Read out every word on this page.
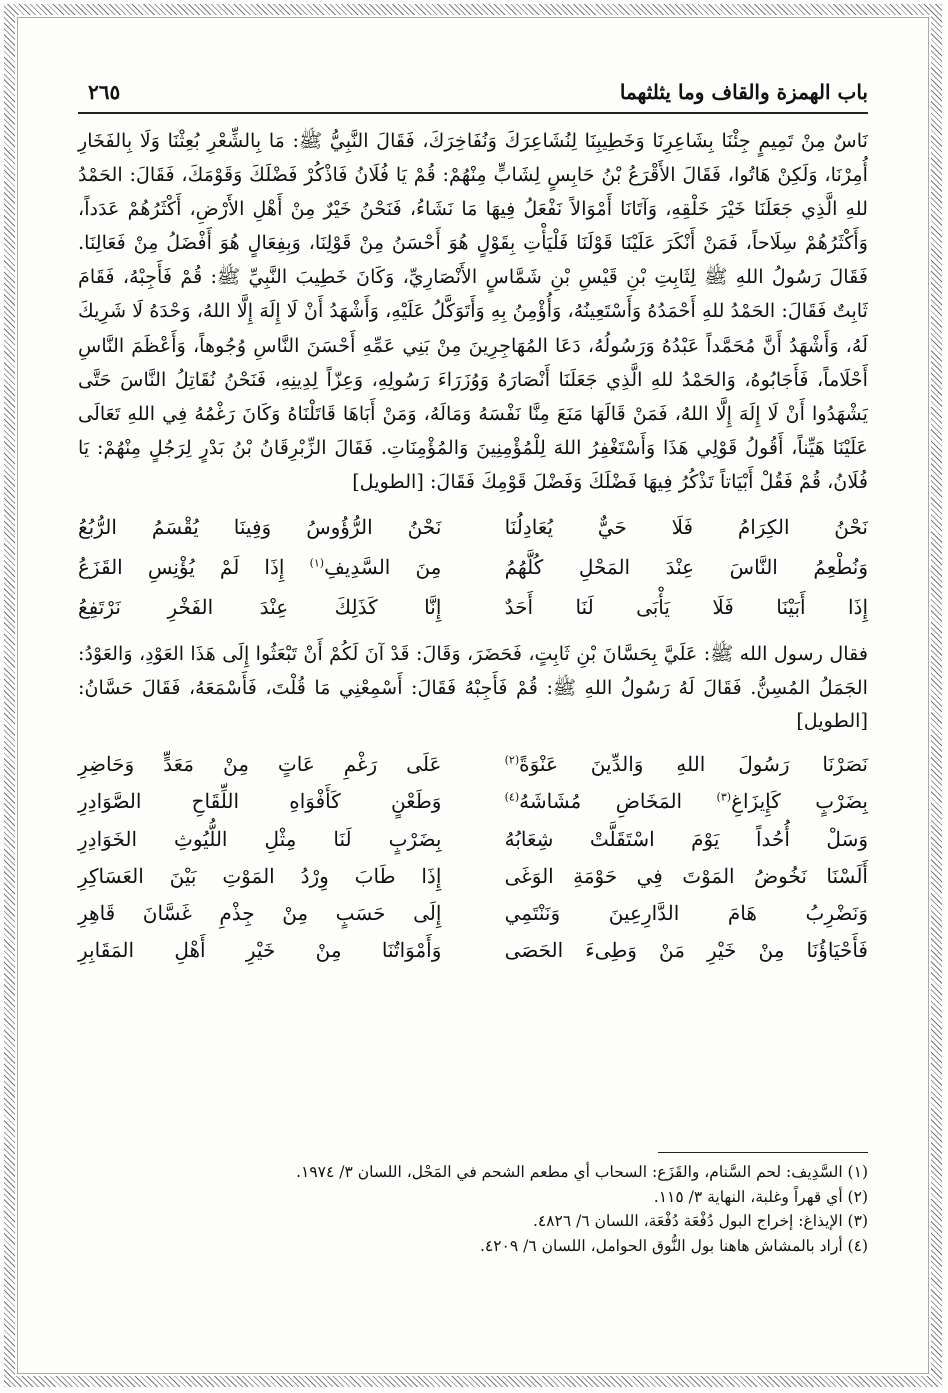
باب الهمزة والقاف وما يثلثهما
٢٦٥

نَاسٌ مِنْ تَمِيمٍ جِئْنَا بِشَاعِرِنَا وَخَطِيبِنَا لِنُشَاعِرَكَ وَنُفَاخِرَكَ، فَقَالَ النَّبِيُّ ﷺ: مَا بِالشِّعْرِ بُعِثْنَا وَلَا بِالفَخَارِ أُمِرْنَا، وَلَكِنْ هَاتُوا، فَقَالَ الأَقْرَعُ بْنُ حَابِسٍ لِشَابٍّ مِنْهُمْ: قُمْ يَا فُلَانُ فَاذْكُرْ فَضْلَكَ وَقَوْمَكَ، فَقَالَ: الحَمْدُ للهِ الَّذِي جَعَلَنَا خَيْرَ خَلْقِهِ، وَآتَانَا أَمْوَالاً نَفْعَلُ فِيهَا مَا نَشَاءُ، فَنَحْنُ خَيْرٌ مِنْ أَهْلِ الأَرْضِ، أَكْثَرُهُمْ عَدَداً، وَأَكْثَرُهُمْ سِلَاحاً، فَمَنْ أَنْكَرَ عَلَيْنَا قَوْلَنَا فَلْيَأْتِ بِقَوْلٍ هُوَ أَحْسَنُ مِنْ قَوْلِنَا، وَبِفِعَالٍ هُوَ أَفْضَلُ مِنْ فَعَالِنَا. فَقَالَ رَسُولُ اللهِ ﷺ لِثَابِتِ بْنِ قَيْسِ بْنِ شَمَّاسٍ الأَنْصَارِيِّ، وَكَانَ خَطِيبَ النَّبِيِّ ﷺ: قُمْ فَأَجِبْهُ، فَقَامَ ثَابِتٌ فَقَالَ: الحَمْدُ للهِ أَحْمَدُهُ وَأَسْتَعِينُهُ، وَأُؤْمِنُ بِهِ وَأَتَوَكَّلُ عَلَيْهِ، وَأَشْهَدُ أَنْ لَا إِلَهَ إِلَّا اللهُ، وَحْدَهُ لَا شَرِيكَ لَهُ، وَأَشْهَدُ أَنَّ مُحَمَّداً عَبْدُهُ وَرَسُولُهُ، دَعَا المُهَاجِرِينَ مِنْ بَنِي عَمِّهِ أَحْسَنَ النَّاسِ وُجُوهاً، وَأَعْظَمَ النَّاسِ أَحْلَاماً، فَأَجَابُوهُ، وَالحَمْدُ للهِ الَّذِي جَعَلَنَا أَنْصَارَهُ وَوُزَرَاءَ رَسُولِهِ، وَعِزّاً لِدِينِهِ، فَنَحْنُ نُقَاتِلُ النَّاسَ حَتَّى يَشْهَدُوا أَنْ لَا إِلَهَ إِلَّا اللهُ، فَمَنْ قَالَهَا مَنَعَ مِنَّا نَفْسَهُ وَمَالَهُ، وَمَنْ أَبَاهَا قَاتَلْنَاهُ وَكَانَ رَغْمُهُ فِي اللهِ تَعَالَى عَلَيْنَا هَيِّناً، أَقُولُ قَوْلِي هَذَا وَأَسْتَغْفِرُ اللهَ لِلْمُؤْمِنِينَ وَالمُؤْمِنَاتِ. فَقَالَ الزِّبْرِقَانُ بْنُ بَدْرٍ لِرَجُلٍ مِنْهُمْ: يَا فُلَانُ، قُمْ فَقُلْ أَبْيَاتاً تَذْكُرُ فِيهَا فَضْلَكَ وَفَضْلَ قَوْمِكَ فَقَالَ: [الطويل]

نَحْنُ الكِرَامُ فَلَا حَيٌّ يُعَادِلُنَا
نَحْنُ الرُّؤُوسُ وَفِينَا يُقْسَمُ الرُّبُعُ
وَنُطْعِمُ النَّاسَ عِنْدَ المَحْلِ كُلَّهُمُ
مِنَ السَّدِيفِ$^{(١)}$ إِذَا لَمْ يُؤْنِسِ القَزَعُ
إِذَا أَبَيْنَا فَلَا يَأْبَى لَنَا أَحَدٌ
إِنَّا كَذَلِكَ عِنْدَ الفَخْرِ نَرْتَفِعُ

فقال رسول الله ﷺ: عَلَيَّ بِحَسَّانَ بْنِ ثَابِتٍ، فَحَضَرَ، وَقَالَ: قَدْ آنَ لَكُمْ أَنْ تَبْعَثُوا إِلَى هَذَا العَوْدِ، وَالعَوْدُ: الجَمَلُ المُسِنُّ. فَقَالَ لَهُ رَسُولُ اللهِ ﷺ: قُمْ فَأَجِبْهُ فَقَالَ: أَسْمِعْنِي مَا قُلْتَ، فَأَسْمَعَهُ، فَقَالَ حَسَّانُ: [الطويل]

نَصَرْنَا رَسُولَ اللهِ وَالدِّينَ عَنْوَةً$^{(٢)}$
عَلَى رَغْمِ عَاتٍ مِنْ مَعَدٍّ وَحَاضِرِ
بِضَرْبٍ كَإِيزَاغِ$^{(٣)}$ المَخَاضِ مُشَاشَهُ$^{(٤)}$
وَطَعْنٍ كَأَفْوَاهِ اللِّقَاحِ الصَّوَادِرِ
وَسَلْ أُحُداً يَوْمَ اسْتَقَلَّتْ شِعَابُهُ
بِضَرْبٍ لَنَا مِثْلِ اللُّيُوثِ الخَوَادِرِ
أَلَسْنَا نَخُوضُ المَوْتَ فِي حَوْمَةِ الوَغَى
إِذَا طَابَ وِرْدُ المَوْتِ بَيْنَ العَسَاكِرِ
وَنَضْرِبُ هَامَ الدَّارِعِينَ وَنَنْتَمِي
إِلَى حَسَبٍ مِنْ جِذْمِ غَسَّانَ قَاهِرِ
فَأَحْيَاؤُنَا مِنْ خَيْرِ مَنْ وَطِىءَ الحَصَى
وَأَمْوَاتُنَا مِنْ خَيْرِ أَهْلِ المَقَابِرِ
(١) السَّدِيف: لحم السَّنام، والقَزَع: السحاب أي مطعم الشحم في المَحْل، اللسان ٣/ ١٩٧٤.
(٢) أي قهراً وغلبة، النهاية ٣/ ١١٥.
(٣) الإيذاغ: إخراج البول دُفْعَة دُفْعَة، اللسان ٦/ ٤٨٢٦.
(٤) أراد بالمشاش هاهنا بول النُّوق الحوامل، اللسان ٦/ ٤٢٠٩.
